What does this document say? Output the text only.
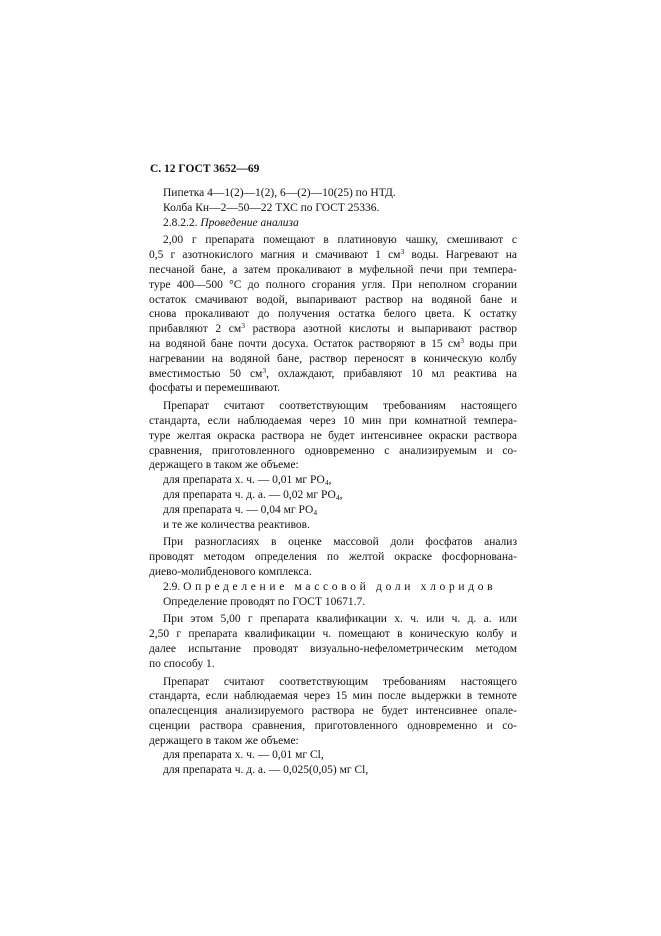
С. 12 ГОСТ 3652—69
Пипетка 4—1(2)—1(2), 6—(2)—10(25) по НТД.
Колба Кн—2—50—22 ТХС по ГОСТ 25336.
2.8.2.2. Проведение анализа
2,00 г препарата помещают в платиновую чашку, смешивают с
0,5 г азотнокислого магния и смачивают 1 $см^3$ воды. Нагревают на
песчаной бане, а затем прокаливают в муфельной печи при темпера-
туре 400—500 °С до полного сгорания угля. При неполном сгорании
остаток смачивают водой, выпаривают раствор на водяной бане и
снова прокаливают до получения остатка белого цвета. К остатку
прибавляют 2 $см^3$ раствора азотной кислоты и выпаривают раствор
на водяной бане почти досуха. Остаток растворяют в 15 $см^3$ воды при
нагревании на водяной бане, раствор переносят в коническую колбу
вместимостью 50 $см^3$, охлаждают, прибавляют 10 мл реактива на
фосфаты и перемешивают.
Препарат считают соответствующим требованиям настоящего
стандарта, если наблюдаемая через 10 мин при комнатной темпера-
туре желтая окраска раствора не будет интенсивнее окраски раствора
сравнения, приготовленного одновременно с анализируемым и со-
держащего в таком же объеме:
для препарата х. ч. — 0,01 мг $РО_4$,
для препарата ч. д. а. — 0,02 мг $РО_4$,
для препарата ч. — 0,04 мг $РО_4$
и те же количества реактивов.
При разногласиях в оценке массовой доли фосфатов анализ
проводят методом определения по желтой окраске фосфорнована-
диево-молибденового комплекса.
2.9. Определение массовой доли хлоридов
Определение проводят по ГОСТ 10671.7.
При этом 5,00 г препарата квалификации х. ч. или ч. д. а. или
2,50 г препарата квалификации ч. помещают в коническую колбу и
далее испытание проводят визуально-нефелометрическим методом
по способу 1.
Препарат считают соответствующим требованиям настоящего
стандарта, если наблюдаемая через 15 мин после выдержки в темноте
опалесценция анализируемого раствора не будет интенсивнее опале-
сценции раствора сравнения, приготовленного одновременно и со-
держащего в таком же объеме:
для препарата х. ч. — 0,01 мг Cl,
для препарата ч. д. а. — 0,025(0,05) мг Cl,
